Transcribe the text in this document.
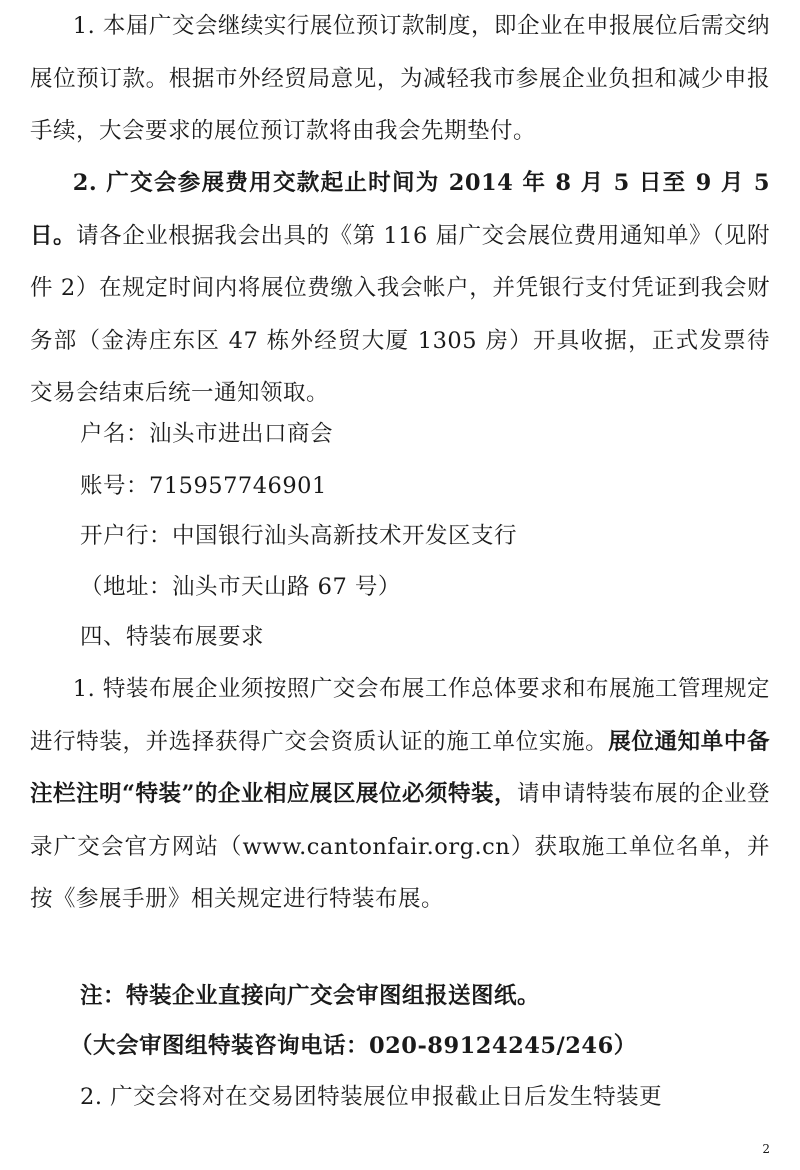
1. 本届广交会继续实行展位预订款制度，即企业在申报展位后需交纳展位预订款。根据市外经贸局意见，为减轻我市参展企业负担和减少申报手续，大会要求的展位预订款将由我会先期垫付。

2. 广交会参展费用交款起止时间为 2014 年 8 月 5 日至 9 月 5 日。请各企业根据我会出具的《第 116 届广交会展位费用通知单》（见附件 2）在规定时间内将展位费缴入我会帐户，并凭银行支付凭证到我会财务部（金涛庄东区 47 栋外经贸大厦 1305 房）开具收据，正式发票待交易会结束后统一通知领取。

户名：汕头市进出口商会

账号：715957746901

开户行：中国银行汕头高新技术开发区支行

（地址：汕头市天山路 67 号）

四、特装布展要求

1. 特装布展企业须按照广交会布展工作总体要求和布展施工管理规定进行特装，并选择获得广交会资质认证的施工单位实施。展位通知单中备注栏注明“特装”的企业相应展区展位必须特装，请申请特装布展的企业登录广交会官方网站（www.cantonfair.org.cn）获取施工单位名单，并按《参展手册》相关规定进行特装布展。

注：特装企业直接向广交会审图组报送图纸。

（大会审图组特装咨询电话：020-89124245/246）

2. 广交会将对在交易团特装展位申报截止日后发生特装更

2
